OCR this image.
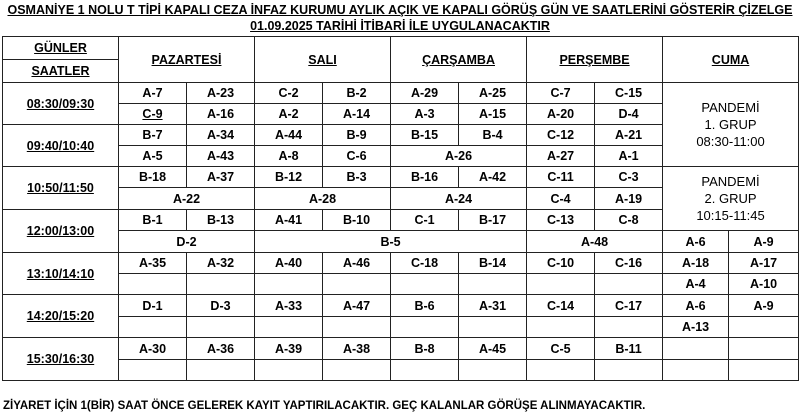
OSMANİYE 1 NOLU T TİPİ KAPALI CEZA İNFAZ KURUMU AYLIK AÇIK VE KAPALI GÖRÜŞ GÜN VE SAATLERİNİ GÖSTERİR ÇİZELGE
01.09.2025 TARİHİ İTİBARİ İLE UYGULANACAKTIR
GÜNLER	PAZARTESİ		SALI		ÇARŞAMBA		PERŞEMBE		CUMA		
SAATLER											
08:30/09:30	A-7	A-23	C-2	B-2	A-29	A-25	C-7	C-15	PANDEMİ
1. GRUP
08:30-11:00		

	C-9	A-16	A-2	A-14	A-3	A-15	A-20	D-4			
09:40/10:40	B-7	A-34	A-44	B-9	B-15	B-4	C-12	A-21			
	A-5	A-43	A-8	C-6	A-26		A-27	A-1			
10:50/11:50	B-18	A-37	B-12	B-3	B-16	A-42	C-11	C-3	PANDEMİ
2. GRUP
10:15-11:45		

	A-22		A-28		A-24		C-4	A-19			
12:00/13:00	B-1	B-13	A-41	B-10	C-1	B-17	C-13	C-8		
	D-2		B-5				A-48		A-6	A-9	
13:10/14:10	A-35	A-32	A-40	A-46	C-18	B-14	C-10	C-16	A-18	A-17	
									A-4	A-10	
14:20/15:20	D-1	D-3	A-33	A-47	B-6	A-31	C-14	C-17	A-6	A-9	
									A-13		
15:30/16:30	A-30	A-36	A-39	A-38	B-8	A-45	C-5	B-11			

ZİYARET İÇİN 1(BİR) SAAT ÖNCE GELEREK KAYIT YAPTIRILACAKTIR. GEÇ KALANLAR GÖRÜŞE ALINMAYACAKTIR.
